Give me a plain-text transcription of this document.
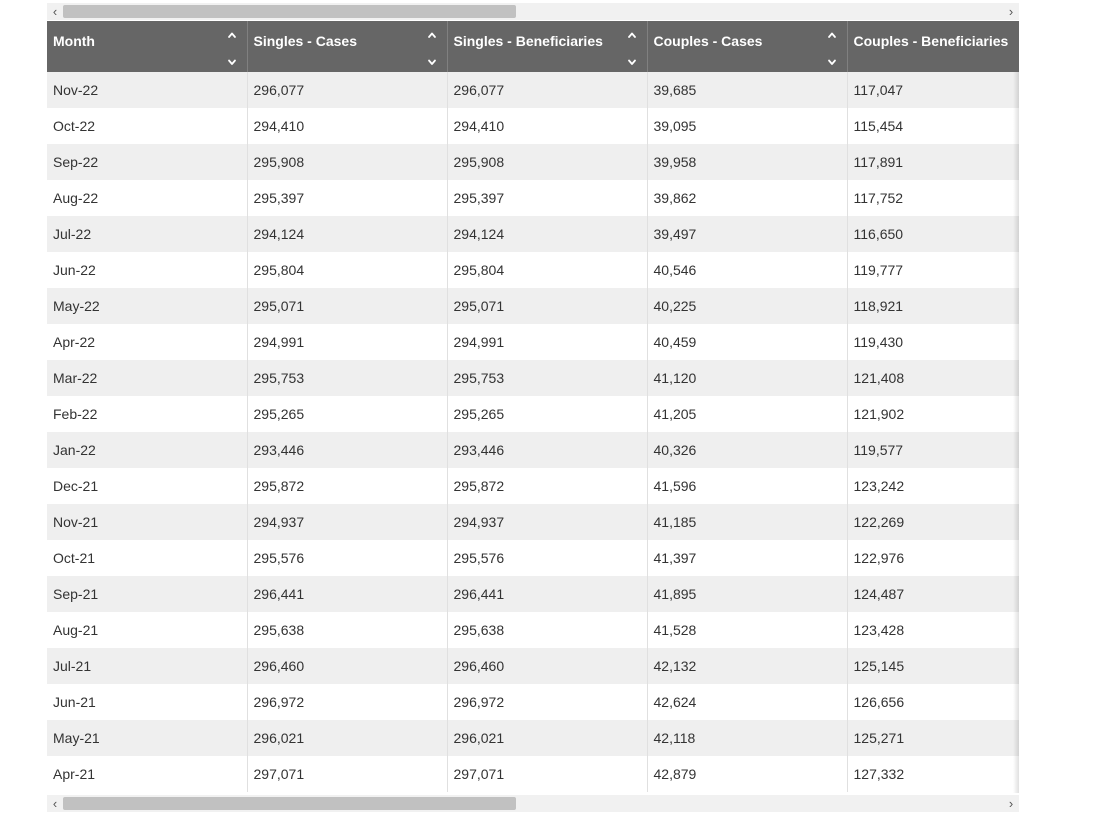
‹	›
Month	Singles - Cases	Singles - Beneficiaries	Couples - Cases	Couples - Beneficiaries

Nov-22	296,077	296,077	39,685	117,047
Oct-22	294,410	294,410	39,095	115,454
Sep-22	295,908	295,908	39,958	117,891
Aug-22	295,397	295,397	39,862	117,752
Jul-22	294,124	294,124	39,497	116,650
Jun-22	295,804	295,804	40,546	119,777
May-22	295,071	295,071	40,225	118,921
Apr-22	294,991	294,991	40,459	119,430
Mar-22	295,753	295,753	41,120	121,408
Feb-22	295,265	295,265	41,205	121,902
Jan-22	293,446	293,446	40,326	119,577
Dec-21	295,872	295,872	41,596	123,242
Nov-21	294,937	294,937	41,185	122,269
Oct-21	295,576	295,576	41,397	122,976
Sep-21	296,441	296,441	41,895	124,487
Aug-21	295,638	295,638	41,528	123,428
Jul-21	296,460	296,460	42,132	125,145
Jun-21	296,972	296,972	42,624	126,656
May-21	296,021	296,021	42,118	125,271
Apr-21	297,071	297,071	42,879	127,332
‹	›
